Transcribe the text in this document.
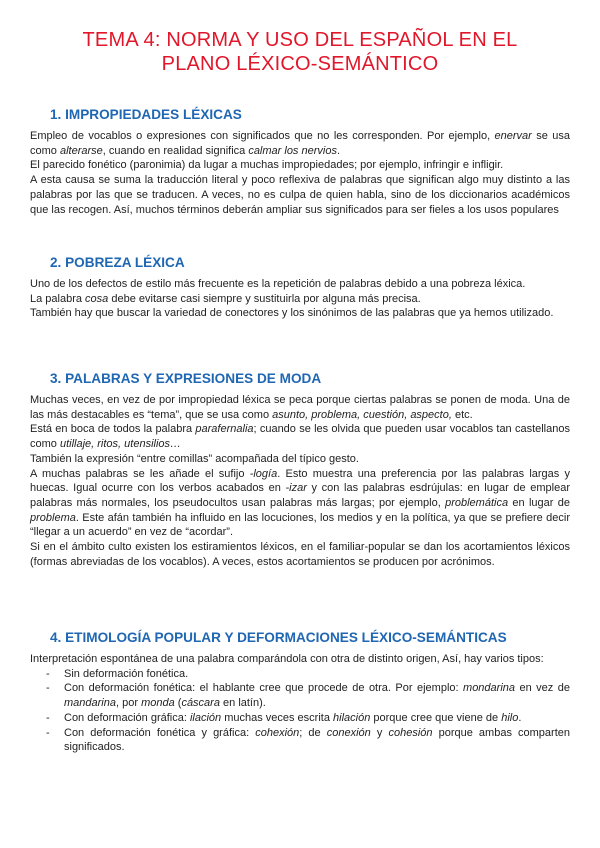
TEMA 4: NORMA Y USO DEL ESPAÑOL EN EL
PLANO LÉXICO-SEMÁNTICO
1. IMPROPIEDADES LÉXICAS

Empleo de vocablos o expresiones con significados que no les corresponden. Por ejemplo, enervar se usa como alterarse, cuando en realidad significa calmar los nervios.

El parecido fonético (paronimia) da lugar a muchas impropiedades; por ejemplo, infringir e infligir.

A esta causa se suma la traducción literal y poco reflexiva de palabras que significan algo muy distinto a las palabras por las que se traducen. A veces, no es culpa de quien habla, sino de los diccionarios académicos que las recogen. Así, muchos términos deberán ampliar sus significados para ser fieles a los usos populares

2. POBREZA LÉXICA

Uno de los defectos de estilo más frecuente es la repetición de palabras debido a una pobreza léxica.

La palabra cosa debe evitarse casi siempre y sustituirla por alguna más precisa.

También hay que buscar la variedad de conectores y los sinónimos de las palabras que ya hemos utilizado.

3. PALABRAS Y EXPRESIONES DE MODA

Muchas veces, en vez de por impropiedad léxica se peca porque ciertas palabras se ponen de moda. Una de las más destacables es “tema”, que se usa como asunto, problema, cuestión, aspecto, etc.

Está en boca de todos la palabra parafernalia; cuando se les olvida que pueden usar vocablos tan castellanos como utillaje, ritos, utensilios…

También la expresión “entre comillas” acompañada del típico gesto.

A muchas palabras se les añade el sufijo -logía. Esto muestra una preferencia por las palabras largas y huecas. Igual ocurre con los verbos acabados en -izar y con las palabras esdrújulas: en lugar de emplear palabras más normales, los pseudocultos usan palabras más largas; por ejemplo, problemática en lugar de problema. Este afán también ha influido en las locuciones, los medios y en la política, ya que se prefiere decir “llegar a un acuerdo” en vez de “acordar”.

Si en el ámbito culto existen los estiramientos léxicos, en el familiar-popular se dan los acortamientos léxicos (formas abreviadas de los vocablos). A veces, estos acortamientos se producen por acrónimos.

4. ETIMOLOGÍA POPULAR Y DEFORMACIONES LÉXICO-SEMÁNTICAS

Interpretación espontánea de una palabra comparándola con otra de distinto origen, Así, hay varios tipos:

- Sin deformación fonética.
- Con deformación fonética: el hablante cree que procede de otra. Por ejemplo: mondarina en vez de mandarina, por monda (cáscara en latín).
- Con deformación gráfica: ilación muchas veces escrita hilación porque cree que viene de hilo.
- Con deformación fonética y gráfica: cohexión; de conexión y cohesión porque ambas comparten significados.
